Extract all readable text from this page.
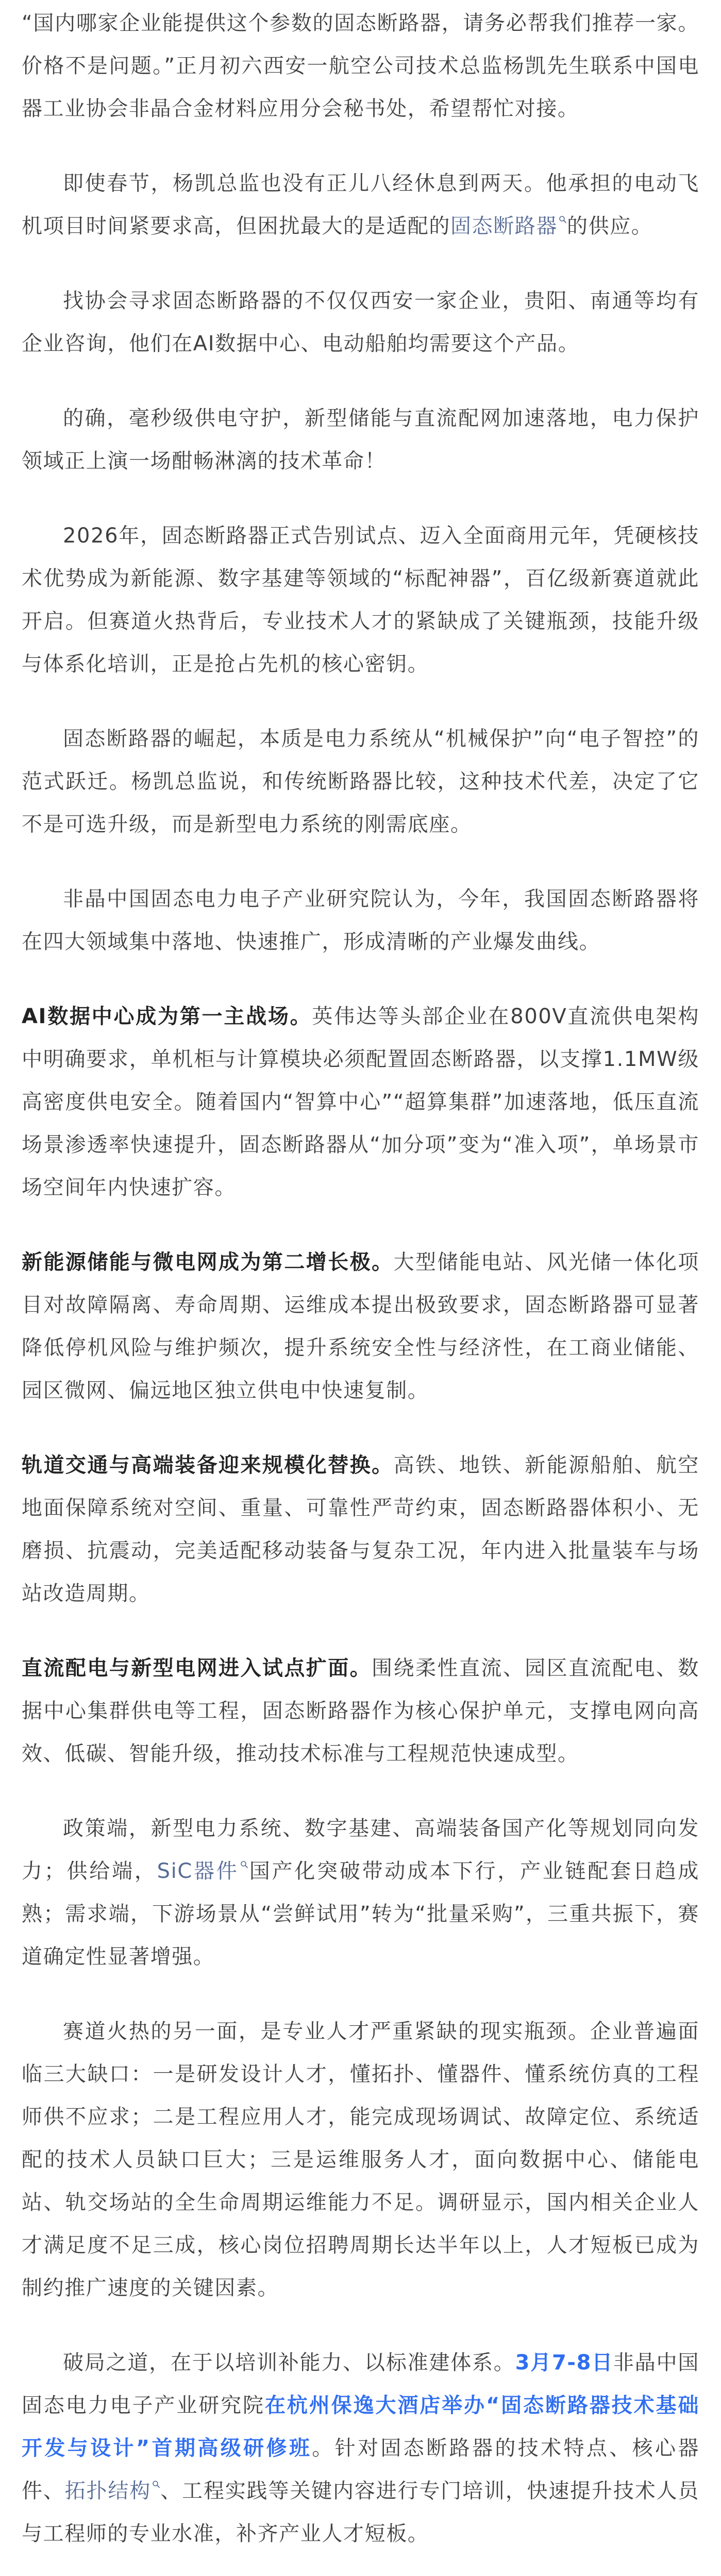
“国内哪家企业能提供这个参数的固态断路器，请务必帮我们推荐一家。价格不是问题。”正月初六西安一航空公司技术总监杨凯先生联系中国电器工业协会非晶合金材料应用分会秘书处，希望帮忙对接。

即使春节，杨凯总监也没有正儿八经休息到两天。他承担的电动飞机项目时间紧要求高，但困扰最大的是适配的固态断路器 的供应。

找协会寻求固态断路器的不仅仅西安一家企业，贵阳、南通等均有企业咨询，他们在AI数据中心、电动船舶均需要这个产品。

的确，毫秒级供电守护，新型储能与直流配网加速落地，电力保护领域正上演一场酣畅淋漓的技术革命！

2026年，固态断路器正式告别试点、迈入全面商用元年，凭硬核技术优势成为新能源、数字基建等领域的“标配神器”，百亿级新赛道就此开启。但赛道火热背后，专业技术人才的紧缺成了关键瓶颈，技能升级与体系化培训，正是抢占先机的核心密钥。

固态断路器的崛起，本质是电力系统从“机械保护”向“电子智控”的范式跃迁。杨凯总监说，和传统断路器比较，这种技术代差，决定了它不是可选升级，而是新型电力系统的刚需底座。

非晶中国固态电力电子产业研究院认为，今年，我国固态断路器将在四大领域集中落地、快速推广，形成清晰的产业爆发曲线。

AI数据中心成为第一主战场。英伟达等头部企业在800V直流供电架构中明确要求，单机柜与计算模块必须配置固态断路器，以支撑1.1MW级高密度供电安全。随着国内“智算中心”“超算集群”加速落地，低压直流场景渗透率快速提升，固态断路器从“加分项”变为“准入项”，单场景市场空间年内快速扩容。

新能源储能与微电网成为第二增长极。大型储能电站、风光储一体化项目对故障隔离、寿命周期、运维成本提出极致要求，固态断路器可显著降低停机风险与维护频次，提升系统安全性与经济性，在工商业储能、园区微网、偏远地区独立供电中快速复制。

轨道交通与高端装备迎来规模化替换。高铁、地铁、新能源船舶、航空地面保障系统对空间、重量、可靠性严苛约束，固态断路器体积小、无磨损、抗震动，完美适配移动装备与复杂工况，年内进入批量装车与场站改造周期。

直流配电与新型电网进入试点扩面。围绕柔性直流、园区直流配电、数据中心集群供电等工程，固态断路器作为核心保护单元，支撑电网向高效、低碳、智能升级，推动技术标准与工程规范快速成型。

政策端，新型电力系统、数字基建、高端装备国产化等规划同向发力；供给端，SiC器件 国产化突破带动成本下行，产业链配套日趋成熟；需求端，下游场景从“尝鲜试用”转为“批量采购”，三重共振下，赛道确定性显著增强。

赛道火热的另一面，是专业人才严重紧缺的现实瓶颈。企业普遍面临三大缺口：一是研发设计人才，懂拓扑、懂器件、懂系统仿真的工程师供不应求；二是工程应用人才，能完成现场调试、故障定位、系统适配的技术人员缺口巨大；三是运维服务人才，面向数据中心、储能电站、轨交场站的全生命周期运维能力不足。调研显示，国内相关企业人才满足度不足三成，核心岗位招聘周期长达半年以上，人才短板已成为制约推广速度的关键因素。

破局之道，在于以培训补能力、以标准建体系。3月7-8日非晶中国固态电力电子产业研究院在杭州保逸大酒店举办“固态断路器技术基础开发与设计”首期高级研修班。针对固态断路器的技术特点、核心器件、拓扑结构 、工程实践等关键内容进行专门培训，快速提升技术人员与工程师的专业水准，补齐产业人才短板。
